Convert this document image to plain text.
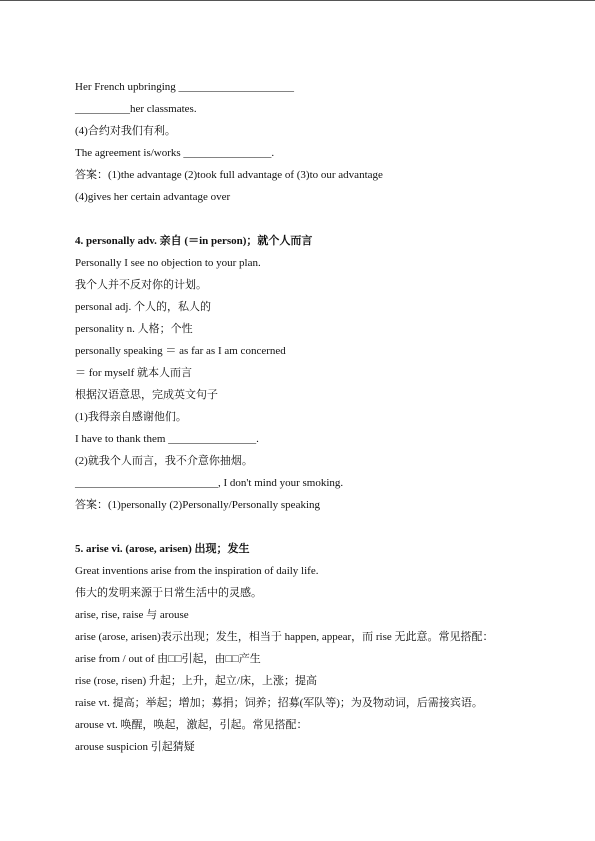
Her French upbringing _____________________
__________her classmates.
(4)合约对我们有利。
The agreement is/works ________________.
答案：(1)the advantage (2)took full advantage of (3)to our advantage
(4)gives her certain advantage over
4. personally adv. 亲自 (＝in person)；就个人而言
Personally I see no objection to your plan.
我个人并不反对你的计划。
personal adj. 个人的，私人的
personality n. 人格；个性
personally speaking ＝ as far as I am concerned
＝ for myself 就本人而言
根据汉语意思，完成英文句子
(1)我得亲自感谢他们。
I have to thank them ________________.
(2)就我个人而言，我不介意你抽烟。
__________________________, I don't mind your smoking.
答案：(1)personally (2)Personally/Personally speaking
5. arise vi. (arose, arisen) 出现；发生
Great inventions arise from the inspiration of daily life.
伟大的发明来源于日常生活中的灵感。
arise, rise, raise 与 arouse
arise (arose, arisen)表示出现；发生，相当于 happen, appear，而 rise 无此意。常见搭配：
arise from / out of 由□□引起，由□□产生
rise (rose, risen) 升起；上升，起立/床，上涨；提高
raise vt. 提高；举起；增加；募捐；饲养；招募(军队等)；为及物动词，后需接宾语。
arouse vt. 唤醒，唤起，激起，引起。常见搭配：
arouse suspicion 引起猜疑
